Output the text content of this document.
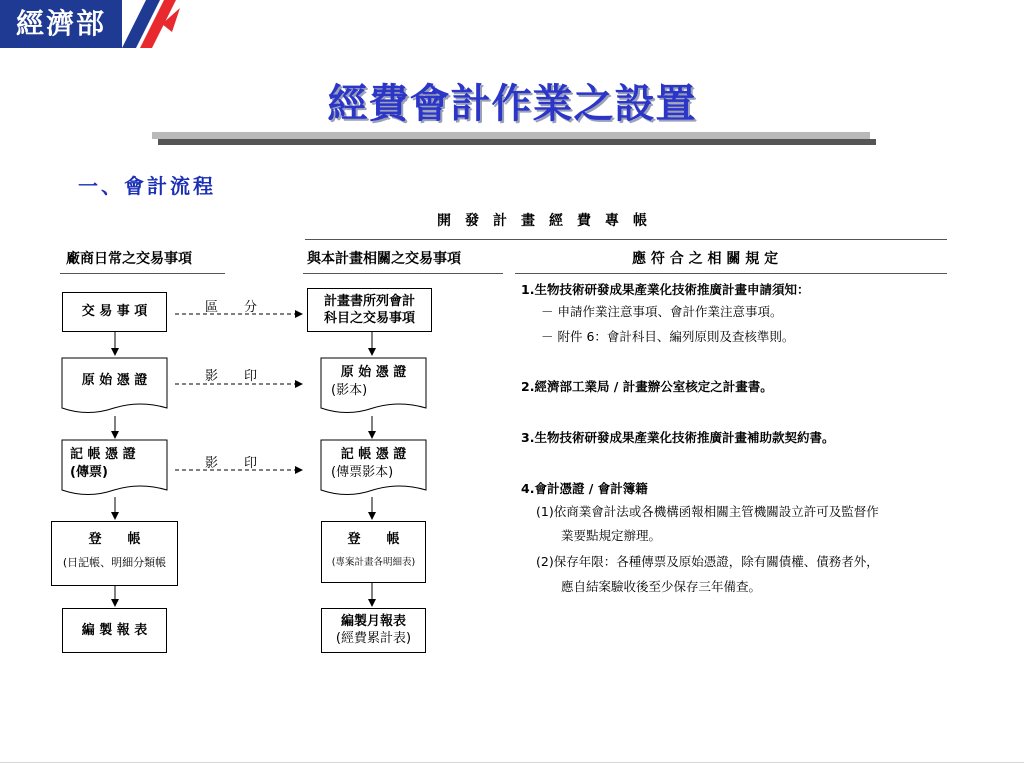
經濟部
經費會計作業之設置
一、會計流程
開　發　計　畫　經　費　專　帳
廠商日常之交易事項	與本計畫相關之交易事項	應 符 合 之 相 關 規 定
交 易 事 項
原 始 憑 證
記 帳 憑 證
(傳票)
登　　帳
(日記帳、明細分類帳
編 製 報 表
區　　分
影　　印
影　　印
計畫書所列會計
科目之交易事項
原 始 憑 證
(影本)
記 帳 憑 證
(傳票影本)
登　　帳
(專案計畫各明細表)
編製月報表
(經費累計表)
1.生物技術研發成果產業化技術推廣計畫申請須知：
－ 申請作業注意事項、會計作業注意事項。
－ 附件 6：會計科目、編列原則及查核準則。
2.經濟部工業局 / 計畫辦公室核定之計畫書。
3.生物技術研發成果產業化技術推廣計畫補助款契約書。
4.會計憑證 / 會計簿籍
(1)依商業會計法或各機構函報相關主管機關設立許可及監督作
業要點規定辦理。
(2)保存年限：各種傳票及原始憑證，除有關債權、債務者外，
應自結案驗收後至少保存三年備查。
